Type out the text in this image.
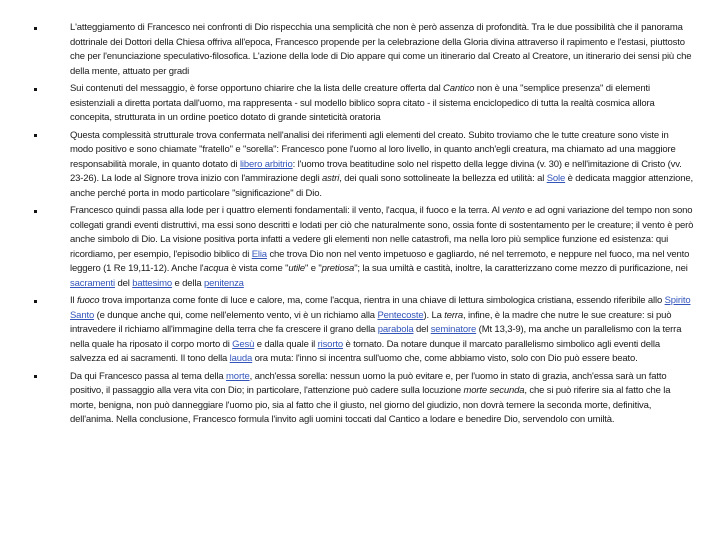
L'atteggiamento di Francesco nei confronti di Dio rispecchia una semplicità che non è però assenza di profondità. Tra le due possibilità che il panorama dottrinale dei Dottori della Chiesa offriva all'epoca, Francesco propende per la celebrazione della Gloria divina attraverso il rapimento e l'estasi, piuttosto che per l'enunciazione speculativo-filosofica. L'azione della lode di Dio appare qui come un itinerario dal Creato al Creatore, un itinerario dei sensi più che della mente, attuato per gradi
Sui contenuti del messaggio, è forse opportuno chiarire che la lista delle creature offerta dal Cantico non è una "semplice presenza" di elementi esistenziali a diretta portata dall'uomo, ma rappresenta - sul modello biblico sopra citato - il sistema enciclopedico di tutta la realtà cosmica allora concepita, strutturata in un ordine poetico dotato di grande sinteticità oratoria
Questa complessità strutturale trova confermata nell'analisi dei riferimenti agli elementi del creato. Subito troviamo che le tutte creature sono viste in modo positivo e sono chiamate "fratello" e "sorella": Francesco pone l'uomo al loro livello, in quanto anch'egli creatura, ma chiamato ad una maggiore responsabilità morale, in quanto dotato di libero arbitrio: l'uomo trova beatitudine solo nel rispetto della legge divina (v. 30) e nell'imitazione di Cristo (vv. 23-26). La lode al Signore trova inizio con l'ammirazione degli astri, dei quali sono sottolineate la bellezza ed utilità: al Sole è dedicata maggior attenzione, anche perché porta in modo particolare "significazione" di Dio.
Francesco quindi passa alla lode per i quattro elementi fondamentali: il vento, l'acqua, il fuoco e la terra. Al vento e ad ogni variazione del tempo non sono collegati grandi eventi distruttivi, ma essi sono descritti e lodati per ciò che naturalmente sono, ossia fonte di sostentamento per le creature; il vento è però anche simbolo di Dio. La visione positiva porta infatti a vedere gli elementi non nelle catastrofi, ma nella loro più semplice funzione ed esistenza: qui ricordiamo, per esempio, l'episodio biblico di Elia che trova Dio non nel vento impetuoso e gagliardo, né nel terremoto, e neppure nel fuoco, ma nel vento leggero (1 Re 19,11-12). Anche l'acqua è vista come "utile" e "pretiosa"; la sua umiltà e castità, inoltre, la caratterizzano come mezzo di purificazione, nei sacramenti del battesimo e della penitenza
Il fuoco trova importanza come fonte di luce e calore, ma, come l'acqua, rientra in una chiave di lettura simbologica cristiana, essendo riferibile allo Spirito Santo (e dunque anche qui, come nell'elemento vento, vi è un richiamo alla Pentecoste). La terra, infine, è la madre che nutre le sue creature: si può intravedere il richiamo all'immagine della terra che fa crescere il grano della parabola del seminatore (Mt 13,3-9), ma anche un parallelismo con la terra nella quale ha riposato il corpo morto di Gesù e dalla quale il risorto è tornato. Da notare dunque il marcato parallelismo simbolico agli eventi della salvezza ed ai sacramenti. Il tono della lauda ora muta: l'inno si incentra sull'uomo che, come abbiamo visto, solo con Dio può essere beato.
Da qui Francesco passa al tema della morte, anch'essa sorella: nessun uomo la può evitare e, per l'uomo in stato di grazia, anch'essa sarà un fatto positivo, il passaggio alla vera vita con Dio; in particolare, l'attenzione può cadere sulla locuzione morte secunda, che si può riferire sia al fatto che la morte, benigna, non può danneggiare l'uomo pio, sia al fatto che il giusto, nel giorno del giudizio, non dovrà temere la seconda morte, definitiva, dell'anima. Nella conclusione, Francesco formula l'invito agli uomini toccati dal Cantico a lodare e benedire Dio, servendolo con umiltà.
